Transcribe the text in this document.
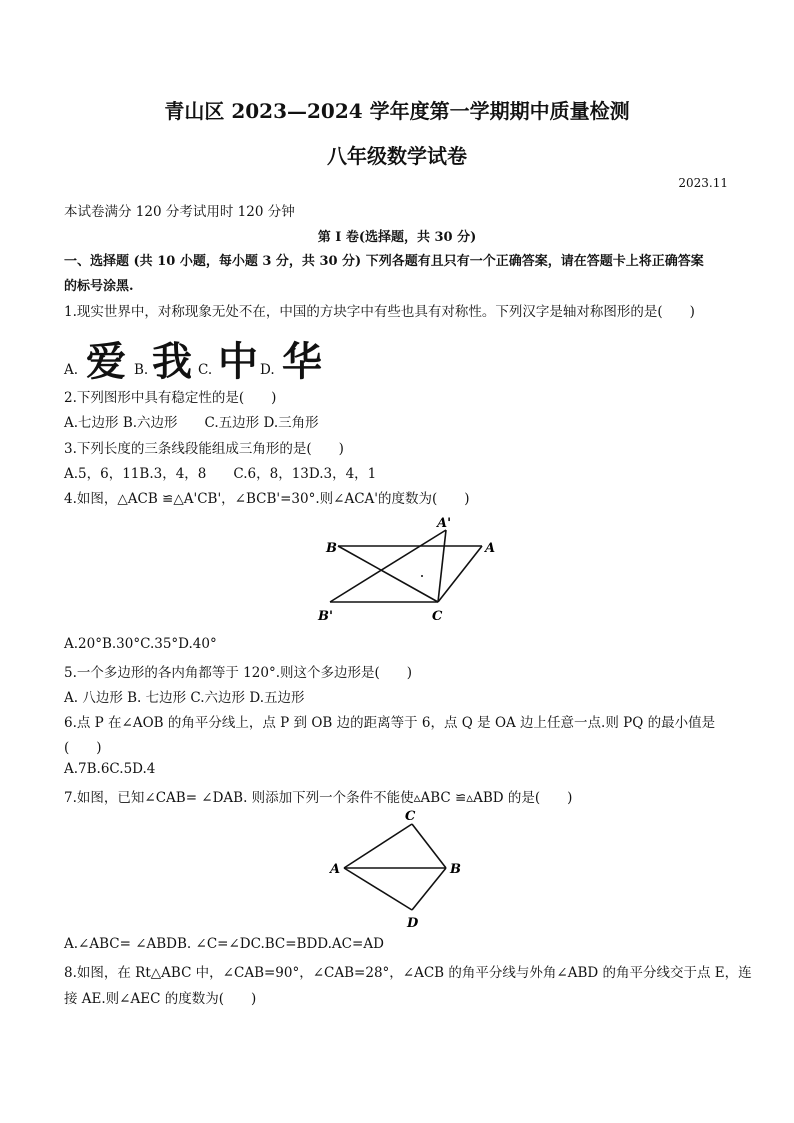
青山区 2023—2024 学年度第一学期期中质量检测
八年级数学试卷
2023.11
本试卷满分 120 分考试用时 120 分钟
第 Ⅰ 卷(选择题，共 30 分)
一、选择题 (共 10 小题，每小题 3 分，共 30 分) 下列各题有且只有一个正确答案，请在答题卡上将正确答案
的标号涂黑.
1.现实世界中，对称现象无处不在，中国的方块字中有些也具有对称性。下列汉字是轴对称图形的是(　　)
A. 爱 B. 我 C. 中 D. 华
2.下列图形中具有稳定性的是(　　)
A.七边形 B.六边形　　C.五边形 D.三角形
3.下列长度的三条线段能组成三角形的是(　　)
A.5，6，11B.3，4，8　　C.6，8，13D.3，4，1
4.如图，△ACB ≌△A'CB'，∠BCB'=30°.则∠ACA'的度数为(　　)
A'
B	A
B'	C
A.20°B.30°C.35°D.40°
5.一个多边形的各内角都等于 120°.则这个多边形是(　　)
A. 八边形 B. 七边形 C.六边形 D.五边形
6.点 P 在∠AOB 的角平分线上，点 P 到 OB 边的距离等于 6，点 Q 是 OA 边上任意一点.则 PQ 的最小值是
(　　)
A.7B.6C.5D.4
7.如图，已知∠CAB= ∠DAB. 则添加下列一个条件不能使▵ABC ≌▵ABD 的是(　　)
C
A	B
D
A.∠ABC= ∠ABDB. ∠C=∠DC.BC=BDD.AC=AD
8.如图，在 Rt△ABC 中，∠CAB=90°，∠CAB=28°，∠ACB 的角平分线与外角∠ABD 的角平分线交于点 E，连
接 AE.则∠AEC 的度数为(　　)
